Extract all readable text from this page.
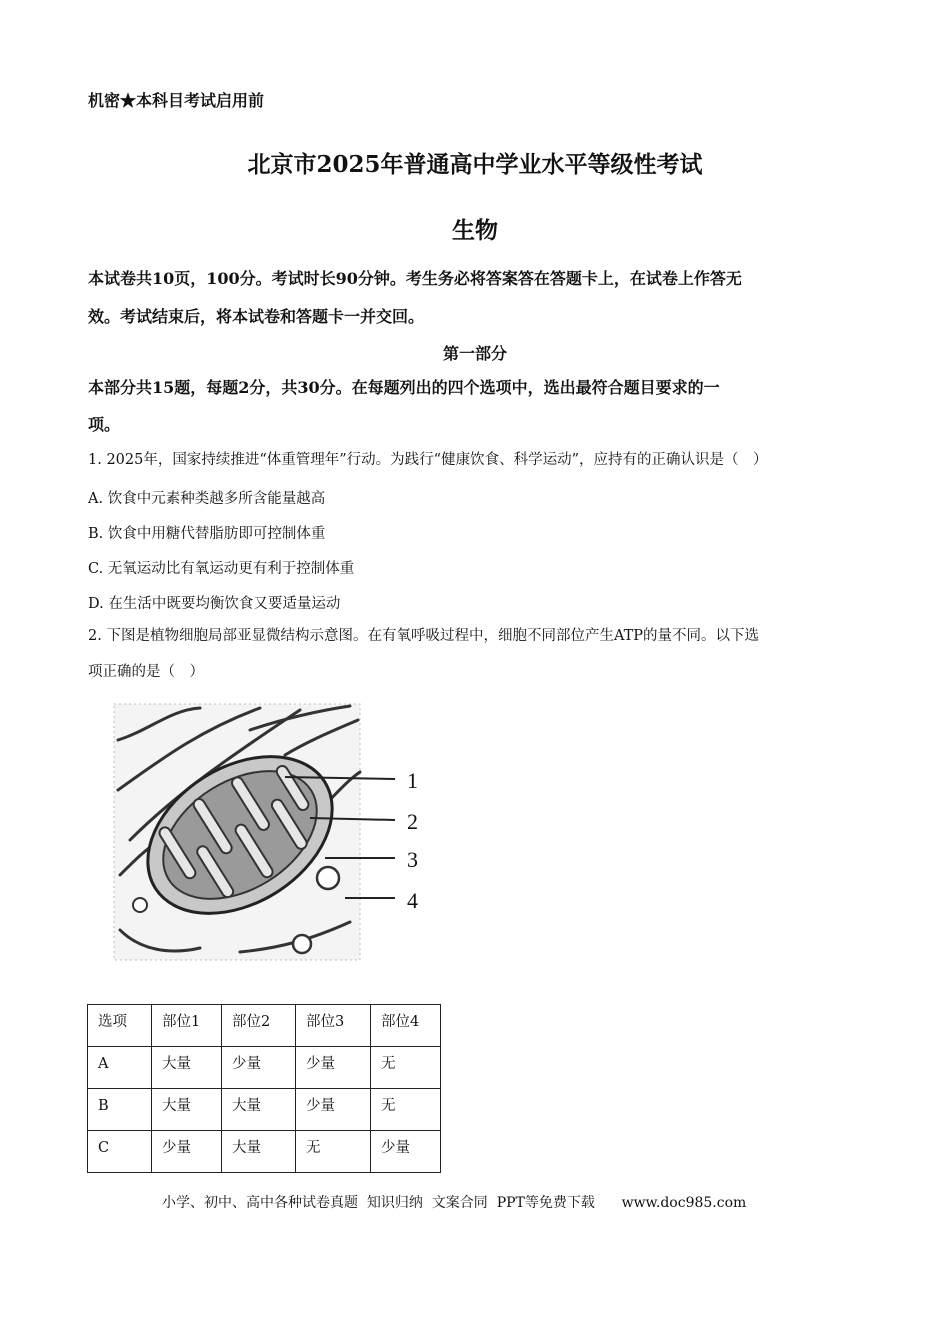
机密★本科目考试启用前
北京市2025年普通高中学业水平等级性考试
生物
本试卷共10页，100分。考试时长90分钟。考生务必将答案答在答题卡上，在试卷上作答无
效。考试结束后，将本试卷和答题卡一并交回。
第一部分
本部分共15题，每题2分，共30分。在每题列出的四个选项中，选出最符合题目要求的一
项。
1. 2025年，国家持续推进“体重管理年”行动。为践行“健康饮食、科学运动”，应持有的正确认识是（　）
A. 饮食中元素种类越多所含能量越高
B. 饮食中用糖代替脂肪即可控制体重
C. 无氧运动比有氧运动更有利于控制体重
D. 在生活中既要均衡饮食又要适量运动
2. 下图是植物细胞局部亚显微结构示意图。在有氧呼吸过程中，细胞不同部位产生ATP的量不同。以下选
项正确的是（　）
1
2
3
4
选项	部位1	部位2	部位3	部位4
A	大量	少量	少量	无
B	大量	大量	少量	无
C	少量	大量	无	少量
小学、初中、高中各种试卷真题  知识归纳  文案合同  PPT等免费下载 www.doc985.com
